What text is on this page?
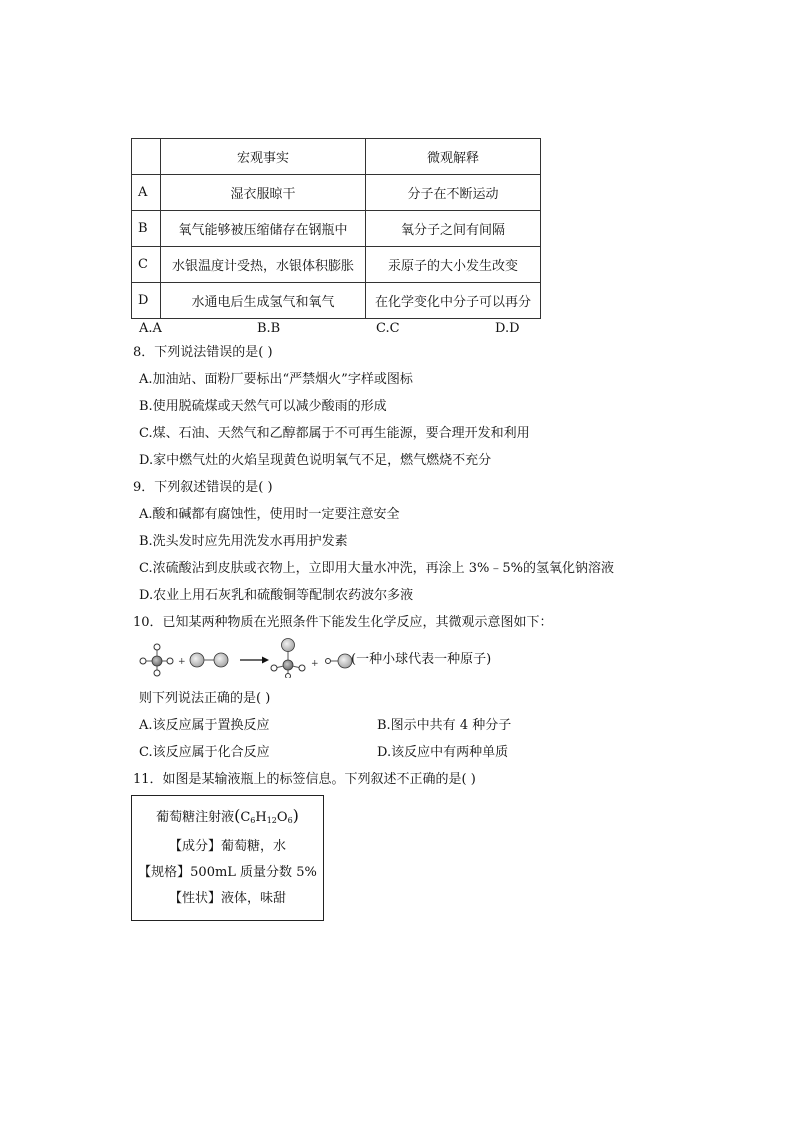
	宏观事实	微观解释
A	湿衣服晾干	分子在不断运动
B	氧气能够被压缩储存在钢瓶中	氧分子之间有间隔
C	水银温度计受热，水银体积膨胀	汞原子的大小发生改变
D	水通电后生成氢气和氧气	在化学变化中分子可以再分
A.A	B.B	C.C	D.D
8．下列说法错误的是( )
A.加油站、面粉厂要标出“严禁烟火”字样或图标
B.使用脱硫煤或天然气可以减少酸雨的形成
C.煤、石油、天然气和乙醇都属于不可再生能源，要合理开发和利用
D.家中燃气灶的火焰呈现黄色说明氧气不足，燃气燃烧不充分
9．下列叙述错误的是( )
A.酸和碱都有腐蚀性，使用时一定要注意安全
B.洗头发时应先用洗发水再用护发素
C.浓硫酸沾到皮肤或衣物上，立即用大量水冲洗，再涂上 3%﹣5%的氢氧化钠溶液
D.农业上用石灰乳和硫酸铜等配制农药波尔多液
10．已知某两种物质在光照条件下能发生化学反应，其微观示意图如下：
+	+ (一种小球代表一种原子)
则下列说法正确的是( )
A.该反应属于置换反应	B.图示中共有 4 种分子
C.该反应属于化合反应	D.该反应中有两种单质
11．如图是某输液瓶上的标签信息。下列叙述不正确的是( )
葡萄糖注射液$(C_6H_{12}O_6)$
【成分】葡萄糖，水
【规格】500mL 质量分数 5%
【性状】液体，味甜
